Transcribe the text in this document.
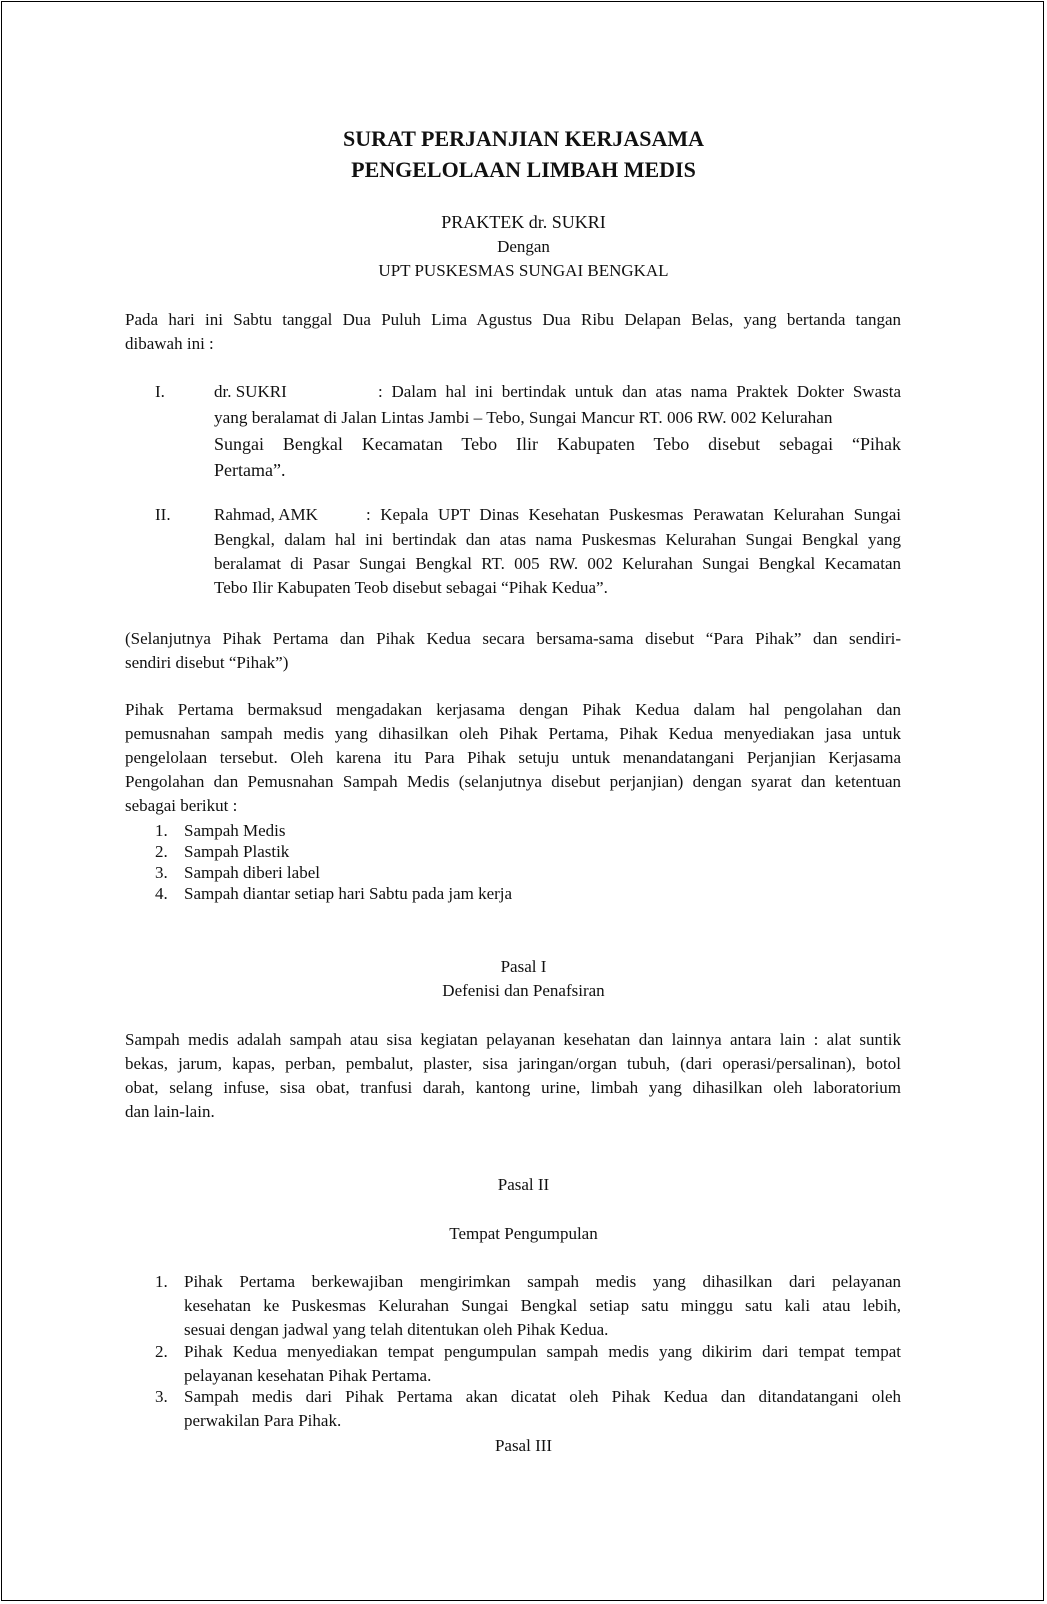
SURAT PERJANJIAN KERJASAMA
PENGELOLAAN LIMBAH MEDIS
PRAKTEK dr. SUKRI
Dengan
UPT PUSKESMAS SUNGAI BENGKAL
Pada hari ini Sabtu tanggal Dua Puluh Lima Agustus Dua Ribu Delapan Belas, yang bertanda tangan
dibawah ini :
I.	dr. SUKRI	: Dalam hal ini bertindak untuk dan atas nama Praktek Dokter Swasta
yang beralamat di Jalan Lintas Jambi – Tebo, Sungai Mancur RT. 006 RW. 002 Kelurahan
Sungai Bengkal Kecamatan Tebo Ilir Kabupaten Tebo disebut sebagai “Pihak
Pertama”.
II.	Rahmad, AMK	: Kepala UPT Dinas Kesehatan Puskesmas Perawatan Kelurahan Sungai
Bengkal, dalam hal ini bertindak dan atas nama Puskesmas Kelurahan Sungai Bengkal yang
beralamat di Pasar Sungai Bengkal RT. 005 RW. 002 Kelurahan Sungai Bengkal Kecamatan
Tebo Ilir Kabupaten Teob disebut sebagai “Pihak Kedua”.
(Selanjutnya Pihak Pertama dan Pihak Kedua secara bersama-sama disebut “Para Pihak” dan sendiri-
sendiri disebut “Pihak”)
Pihak Pertama bermaksud mengadakan kerjasama dengan Pihak Kedua dalam hal pengolahan dan
pemusnahan sampah medis yang dihasilkan oleh Pihak Pertama, Pihak Kedua menyediakan jasa untuk
pengelolaan tersebut. Oleh karena itu Para Pihak setuju untuk menandatangani Perjanjian Kerjasama
Pengolahan dan Pemusnahan Sampah Medis (selanjutnya disebut perjanjian) dengan syarat dan ketentuan
sebagai berikut :
1. Sampah Medis
2. Sampah Plastik
3. Sampah diberi label
4. Sampah diantar setiap hari Sabtu pada jam kerja
Pasal I
Defenisi dan Penafsiran
Sampah medis adalah sampah atau sisa kegiatan pelayanan kesehatan dan lainnya antara lain : alat suntik
bekas, jarum, kapas, perban, pembalut, plaster, sisa jaringan/organ tubuh, (dari operasi/persalinan), botol
obat, selang infuse, sisa obat, tranfusi darah, kantong urine, limbah yang dihasilkan oleh laboratorium
dan lain-lain.
Pasal II
Tempat Pengumpulan
1. Pihak Pertama berkewajiban mengirimkan sampah medis yang dihasilkan dari pelayanan
kesehatan ke Puskesmas Kelurahan Sungai Bengkal setiap satu minggu satu kali atau lebih,
sesuai dengan jadwal yang telah ditentukan oleh Pihak Kedua.
2. Pihak Kedua menyediakan tempat pengumpulan sampah medis yang dikirim dari tempat tempat
pelayanan kesehatan Pihak Pertama.
3. Sampah medis dari Pihak Pertama akan dicatat oleh Pihak Kedua dan ditandatangani oleh
perwakilan Para Pihak.
Pasal III
